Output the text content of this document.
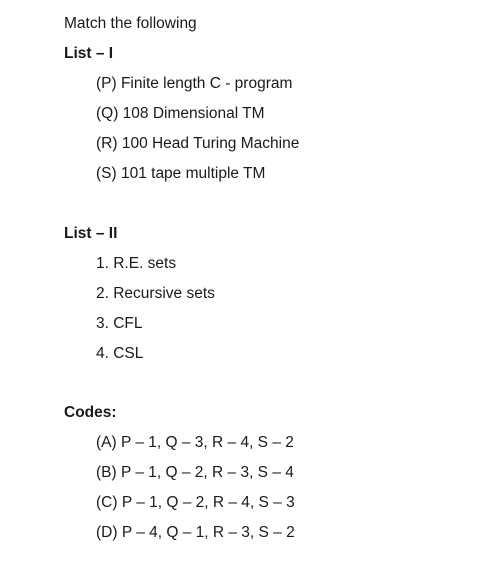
Match the following
List – I
(P) Finite length C - program
(Q) 108 Dimensional TM
(R) 100 Head Turing Machine
(S) 101 tape multiple TM
List – II
1. R.E. sets
2. Recursive sets
3. CFL
4. CSL
Codes:
(A) P – 1, Q – 3, R – 4, S – 2
(B) P – 1, Q – 2, R – 3, S – 4
(C) P – 1, Q – 2, R – 4, S – 3
(D) P – 4, Q – 1, R – 3, S – 2
